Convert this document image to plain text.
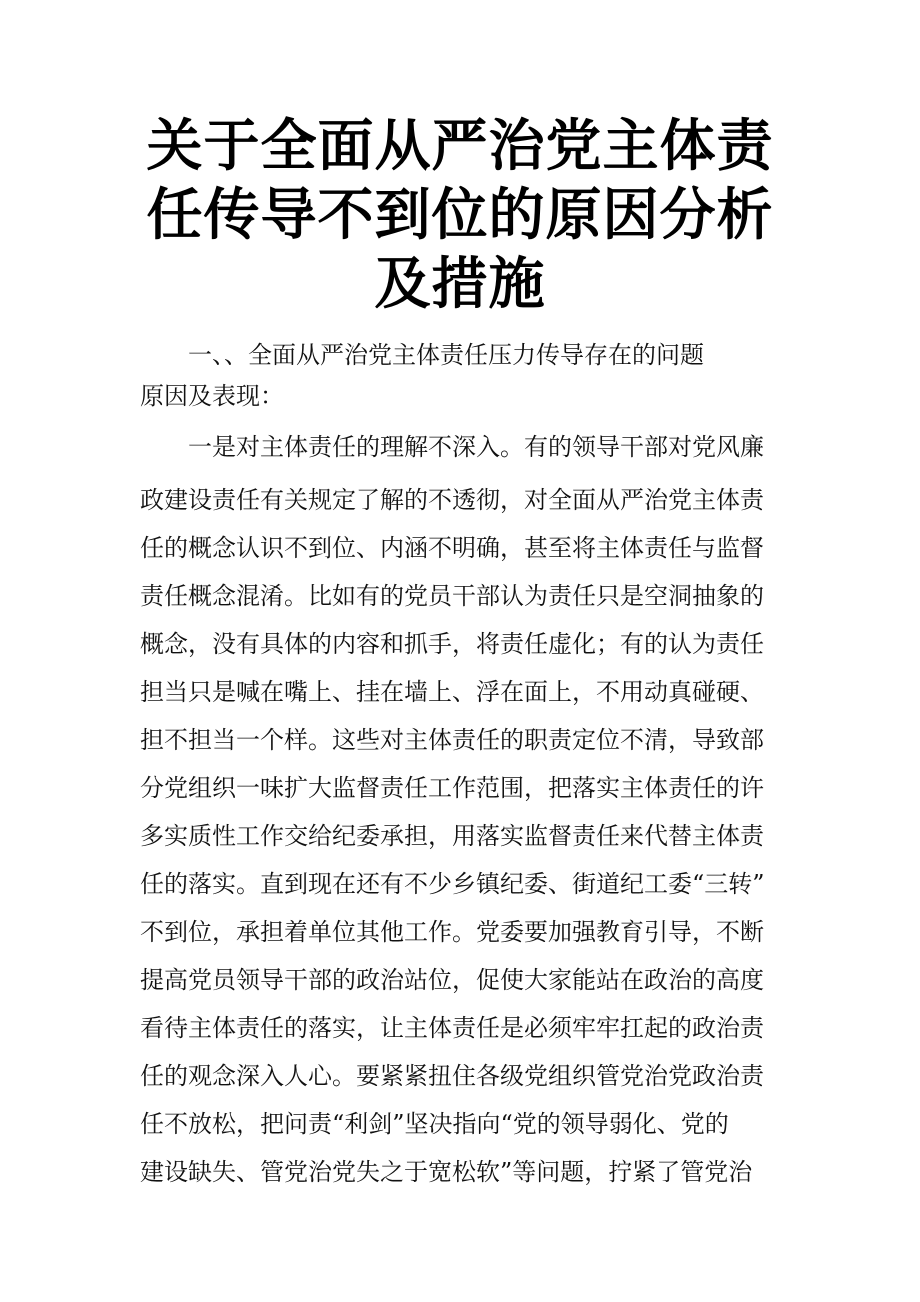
关于全面从严治党主体责
任传导不到位的原因分析
及措施
一、、全面从严治党主体责任压力传导存在的问题
原因及表现：
一是对主体责任的理解不深入。有的领导干部对党风廉
政建设责任有关规定了解的不透彻，对全面从严治党主体责
任的概念认识不到位、内涵不明确，甚至将主体责任与监督
责任概念混淆。比如有的党员干部认为责任只是空洞抽象的
概念，没有具体的内容和抓手，将责任虚化；有的认为责任
担当只是喊在嘴上、挂在墙上、浮在面上，不用动真碰硬、
担不担当一个样。这些对主体责任的职责定位不清，导致部
分党组织一味扩大监督责任工作范围，把落实主体责任的许
多实质性工作交给纪委承担，用落实监督责任来代替主体责
任的落实。直到现在还有不少乡镇纪委、街道纪工委“三转”
不到位，承担着单位其他工作。党委要加强教育引导，不断
提高党员领导干部的政治站位，促使大家能站在政治的高度
看待主体责任的落实，让主体责任是必须牢牢扛起的政治责
任的观念深入人心。要紧紧扭住各级党组织管党治党政治责
任不放松，把问责“利剑”坚决指向“党的领导弱化、党的
建设缺失、管党治党失之于宽松软”等问题，拧紧了管党治
